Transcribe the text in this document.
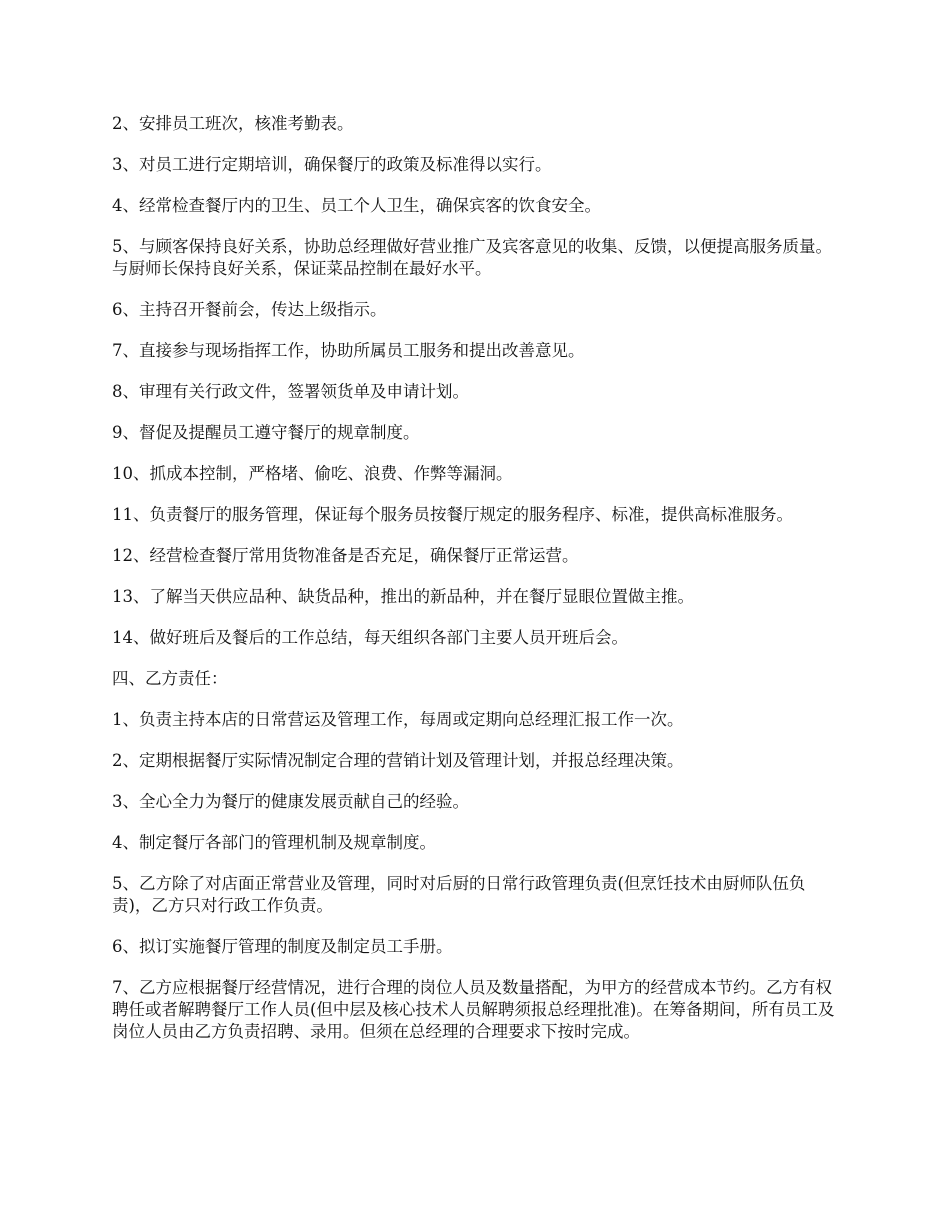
2、安排员工班次，核准考勤表。

3、对员工进行定期培训，确保餐厅的政策及标准得以实行。

4、经常检查餐厅内的卫生、员工个人卫生，确保宾客的饮食安全。

5、与顾客保持良好关系，协助总经理做好营业推广及宾客意见的收集、反馈，以便提高服务质量。与厨师长保持良好关系，保证菜品控制在最好水平。

6、主持召开餐前会，传达上级指示。

7、直接参与现场指挥工作，协助所属员工服务和提出改善意见。

8、审理有关行政文件，签署领货单及申请计划。

9、督促及提醒员工遵守餐厅的规章制度。

10、抓成本控制，严格堵、偷吃、浪费、作弊等漏洞。

11、负责餐厅的服务管理，保证每个服务员按餐厅规定的服务程序、标准，提供高标准服务。

12、经营检查餐厅常用货物准备是否充足，确保餐厅正常运营。

13、了解当天供应品种、缺货品种，推出的新品种，并在餐厅显眼位置做主推。

14、做好班后及餐后的工作总结，每天组织各部门主要人员开班后会。

四、乙方责任：

1、负责主持本店的日常营运及管理工作，每周或定期向总经理汇报工作一次。

2、定期根据餐厅实际情况制定合理的营销计划及管理计划，并报总经理决策。

3、全心全力为餐厅的健康发展贡献自己的经验。

4、制定餐厅各部门的管理机制及规章制度。

5、乙方除了对店面正常营业及管理，同时对后厨的日常行政管理负责(但烹饪技术由厨师队伍负责)，乙方只对行政工作负责。

6、拟订实施餐厅管理的制度及制定员工手册。

7、乙方应根据餐厅经营情况，进行合理的岗位人员及数量搭配，为甲方的经营成本节约。乙方有权聘任或者解聘餐厅工作人员(但中层及核心技术人员解聘须报总经理批准)。在筹备期间，所有员工及岗位人员由乙方负责招聘、录用。但须在总经理的合理要求下按时完成。
